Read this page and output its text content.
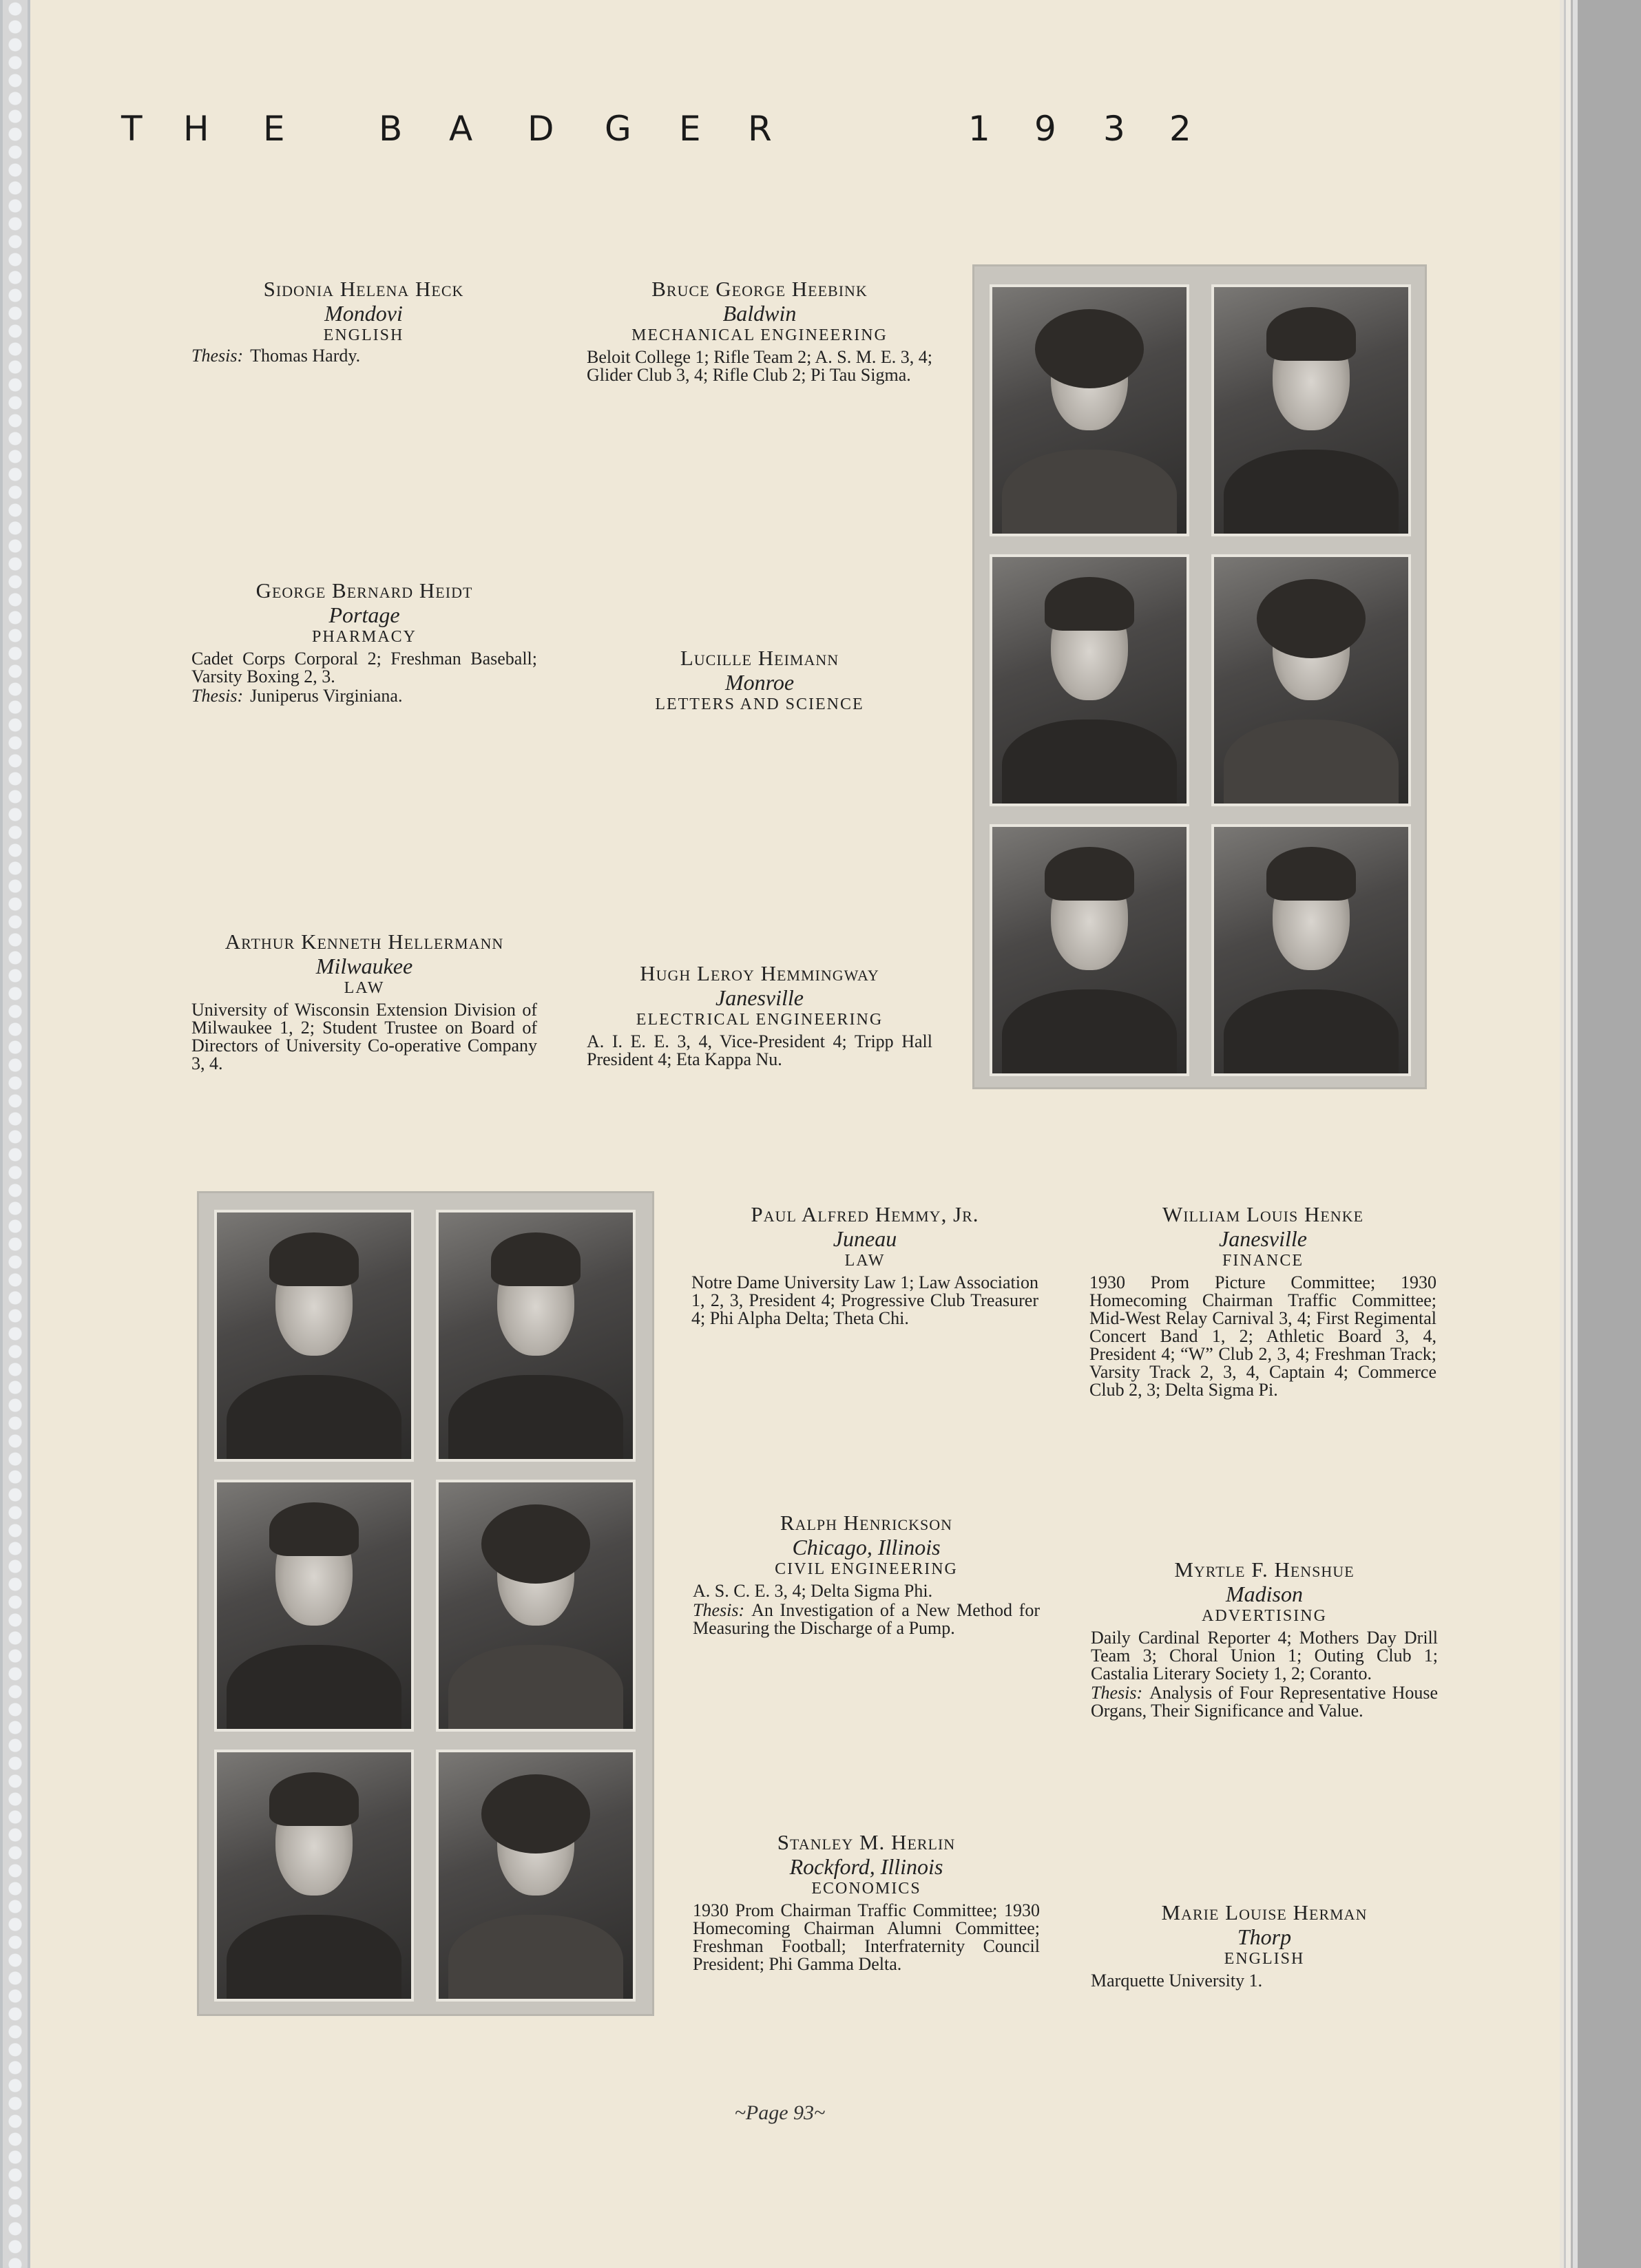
T H E	B A D G E R	1 9 3 2
Sidonia Helena Heck
Mondovi
ENGLISH
Thesis: Thomas Hardy.
Bruce George Heebink
Baldwin
MECHANICAL ENGINEERING
Beloit College 1; Rifle Team 2; A. S. M. E. 3, 4; Glider Club 3, 4; Rifle Club 2; Pi Tau Sigma.
George Bernard Heidt
Portage
PHARMACY
Cadet Corps Corporal 2; Freshman Baseball; Varsity Boxing 2, 3.
Thesis: Juniperus Virginiana.
Lucille Heimann
Monroe
LETTERS AND SCIENCE
Arthur Kenneth Hellermann
Milwaukee
LAW
University of Wisconsin Extension Division of Milwaukee 1, 2; Student Trustee on Board of Directors of University Co-operative Company 3, 4.
Hugh Leroy Hemmingway
Janesville
ELECTRICAL ENGINEERING
A. I. E. E. 3, 4, Vice-President 4; Tripp Hall President 4; Eta Kappa Nu.
Paul Alfred Hemmy, Jr.
Juneau
LAW
Notre Dame University Law 1; Law Association 1, 2, 3, President 4; Progressive Club Treasurer 4; Phi Alpha Delta; Theta Chi.
William Louis Henke
Janesville
FINANCE
1930 Prom Picture Committee; 1930 Homecoming Chairman Traffic Committee; Mid-West Relay Carnival 3, 4; First Regimental Concert Band 1, 2; Athletic Board 3, 4, President 4; “W” Club 2, 3, 4; Freshman Track; Varsity Track 2, 3, 4, Captain 4; Commerce Club 2, 3; Delta Sigma Pi.
Ralph Henrickson
Chicago, Illinois
CIVIL ENGINEERING
A. S. C. E. 3, 4; Delta Sigma Phi.
Thesis: An Investigation of a New Method for Measuring the Discharge of a Pump.
Myrtle F. Henshue
Madison
ADVERTISING
Daily Cardinal Reporter 4; Mothers Day Drill Team 3; Choral Union 1; Outing Club 1; Castalia Literary Society 1, 2; Coranto.
Thesis: Analysis of Four Representative House Organs, Their Significance and Value.
Stanley M. Herlin
Rockford, Illinois
ECONOMICS
1930 Prom Chairman Traffic Committee; 1930 Homecoming Chairman Alumni Committee; Freshman Football; Interfraternity Council President; Phi Gamma Delta.
Marie Louise Herman
Thorp
ENGLISH
Marquette University 1.
~Page 93~
